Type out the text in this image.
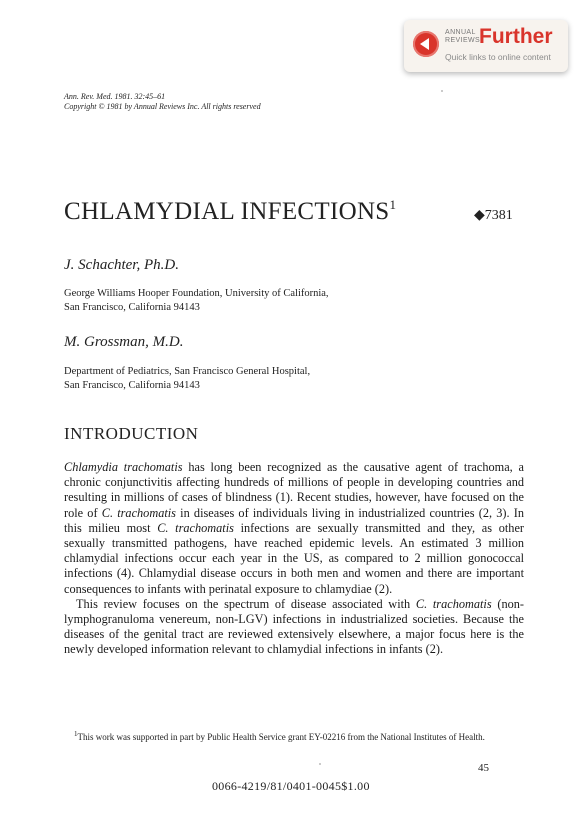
ANNUAL
REVIEWS
Further
Quick links to online content
Ann. Rev. Med. 1981. 32:45–61
Copyright © 1981 by Annual Reviews Inc. All rights reserved
CHLAMYDIAL INFECTIONS$^1$
◆7381
J. Schachter, Ph.D.
George Williams Hooper Foundation, University of California,
San Francisco, California 94143
M. Grossman, M.D.
Department of Pediatrics, San Francisco General Hospital,
San Francisco, California 94143
INTRODUCTION

Chlamydia trachomatis has long been recognized as the causative agent of trachoma, a chronic conjunctivitis affecting hundreds of millions of people in developing countries and resulting in millions of cases of blindness (1). Recent studies, however, have focused on the role of C. trachomatis in diseases of individuals living in industrialized countries (2, 3). In this milieu most C. trachomatis infections are sexually transmitted and they, as other sexually transmitted pathogens, have reached epidemic levels. An estimated 3 million chlamydial infections occur each year in the US, as compared to 2 million gonococcal infections (4). Chlamydial disease occurs in both men and women and there are important consequences to infants with perinatal exposure to chlamydiae (2).

This review focuses on the spectrum of disease associated with C. trachomatis (non-lymphogranuloma venereum, non-LGV) infections in industrialized societies. Because the diseases of the genital tract are reviewed extensively elsewhere, a major focus here is the newly developed information relevant to chlamydial infections in infants (2).

$^1$This work was supported in part by Public Health Service grant EY-02216 from the National Institutes of Health.
45
0066-4219/81/0401-0045$1.00
